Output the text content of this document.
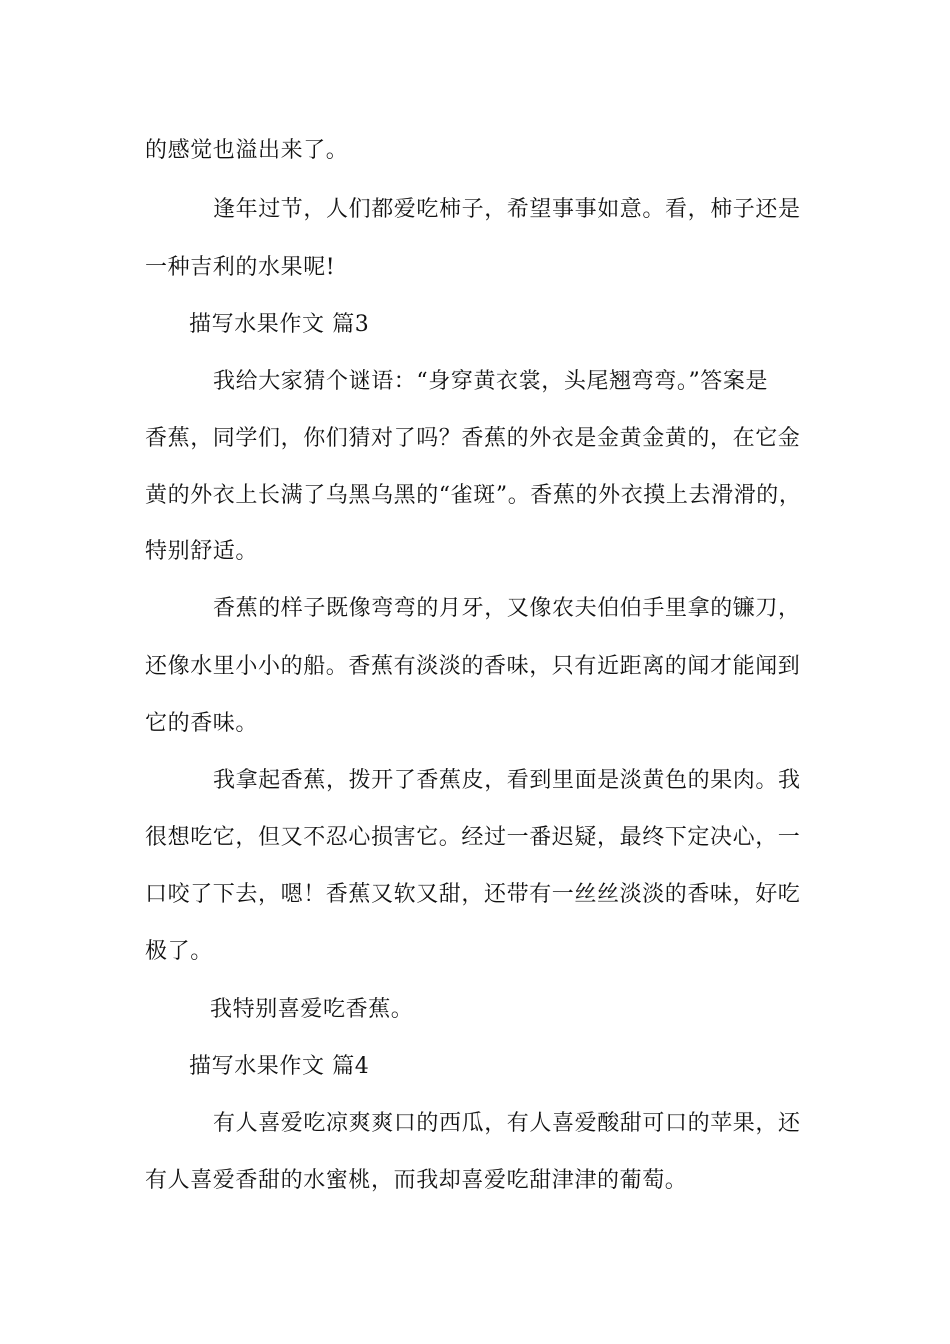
的感觉也溢出来了。
逢年过节，人们都爱吃柿子，希望事事如意。看，柿子还是
一种吉利的水果呢!
描写水果作文 篇3
我给大家猜个谜语：“身穿黄衣裳，头尾翘弯弯。”答案是
香蕉，同学们，你们猜对了吗？香蕉的外衣是金黄金黄的，在它金
黄的外衣上长满了乌黑乌黑的“雀斑”。香蕉的外衣摸上去滑滑的，
特别舒适。
香蕉的样子既像弯弯的月牙，又像农夫伯伯手里拿的镰刀，
还像水里小小的船。香蕉有淡淡的香味，只有近距离的闻才能闻到
它的香味。
我拿起香蕉，拨开了香蕉皮，看到里面是淡黄色的果肉。我
很想吃它，但又不忍心损害它。经过一番迟疑，最终下定决心，一
口咬了下去，嗯！香蕉又软又甜，还带有一丝丝淡淡的香味，好吃
极了。
我特别喜爱吃香蕉。
描写水果作文 篇4
有人喜爱吃凉爽爽口的西瓜，有人喜爱酸甜可口的苹果，还
有人喜爱香甜的水蜜桃，而我却喜爱吃甜津津的葡萄。
